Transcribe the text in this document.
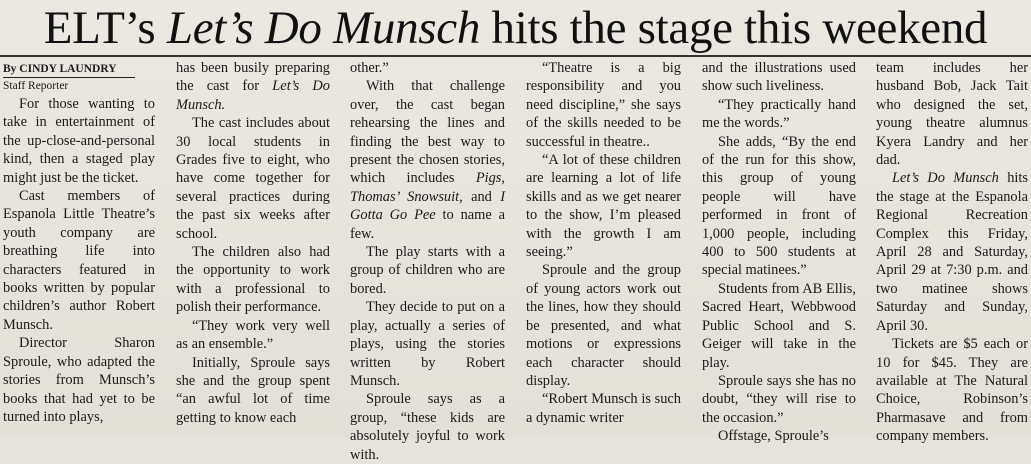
ELT’s Let’s Do Munsch hits the stage this weekend
By CINDY LAUNDRY
Staff Reporter

For those wanting to take in entertainment of the up-close-and-personal kind, then a staged play might just be the ticket.

Cast members of Espanola Little Theatre’s youth company are breathing life into characters featured in books written by popular children’s author Robert Munsch.

Director Sharon Sproule, who adapted the stories from Munsch’s books that had yet to be turned into plays,

has been busily preparing the cast for Let’s Do Munsch.

The cast includes about 30 local students in Grades five to eight, who have come together for several practices during the past six weeks after school.

The children also had the opportunity to work with a professional to polish their performance.

“They work very well as an ensemble.”

Initially, Sproule says she and the group spent “an awful lot of time getting to know each

other.”

With that challenge over, the cast began rehearsing the lines and finding the best way to present the chosen stories, which includes Pigs, Thomas’ Snowsuit, and I Gotta Go Pee to name a few.

The play starts with a group of children who are bored.

They decide to put on a play, actually a series of plays, using the stories written by Robert Munsch.

Sproule says as a group, “these kids are absolutely joyful to work with.

“Theatre is a big responsibility and you need discipline,” she says of the skills needed to be successful in theatre..

“A lot of these children are learning a lot of life skills and as we get nearer to the show, I’m pleased with the growth I am seeing.”

Sproule and the group of young actors work out the lines, how they should be presented, and what motions or expressions each character should display.

“Robert Munsch is such a dynamic writer

and the illustrations used show such liveliness.

“They practically hand me the words.”

She adds, “By the end of the run for this show, this group of young people will have performed in front of 1,000 people, including 400 to 500 students at special matinees.”

Students from AB Ellis, Sacred Heart, Webbwood Public School and S. Geiger will take in the play.

Sproule says she has no doubt, “they will rise to the occasion.”

Offstage, Sproule’s

team includes her husband Bob, Jack Tait who designed the set, young theatre alumnus Kyera Landry and her dad.

Let’s Do Munsch hits the stage at the Espanola Regional Recreation Complex this Friday, April 28 and Saturday, April 29 at 7:30 p.m. and two matinee shows Saturday and Sunday, April 30.

Tickets are $5 each or 10 for $45. They are available at The Natural Choice, Robinson’s Pharmasave and from company members.
